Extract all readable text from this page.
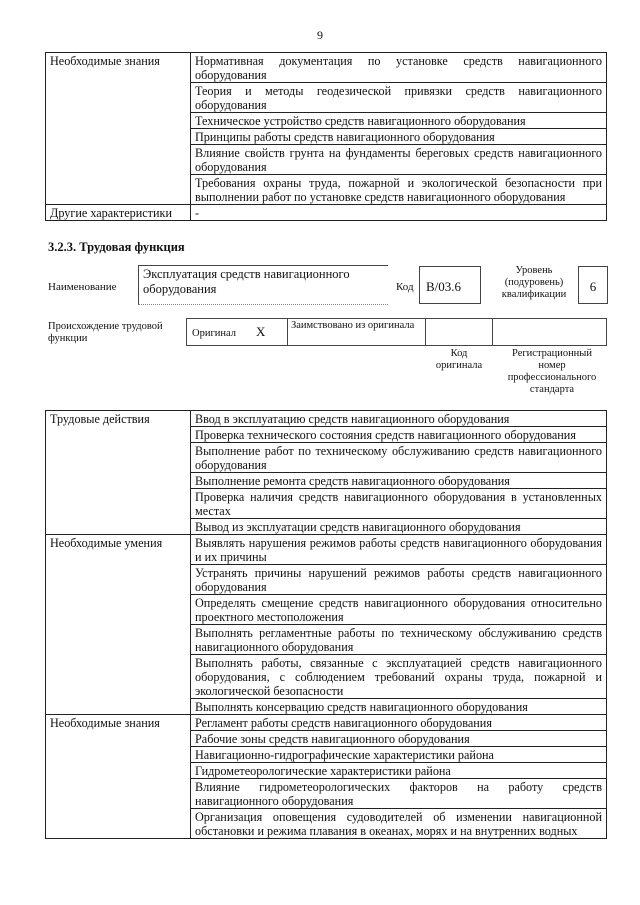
9
Необходимые знания	Нормативная документация по установке средств навигационного оборудования
	Теория и методы геодезической привязки средств навигационного оборудования
	Техническое устройство средств навигационного оборудования
	Принципы работы средств навигационного оборудования
	Влияние свойств грунта на фундаменты береговых средств навигационного оборудования
	Требования охраны труда, пожарной и экологической безопасности при выполнении работ по установке средств навигационного оборудования
Другие характеристики	-
3.2.3. Трудовая функция
Наименование
Эксплуатация средств навигационного оборудования	Код B/03.6
Уровень (подуровень) квалификации
6
Происхождение трудовой функции	Оригинал X Заимствовано из оригинала
Код оригинала
Регистрационный номер профессионального стандарта
Трудовые действия	Ввод в эксплуатацию средств навигационного оборудования
	Проверка технического состояния средств навигационного оборудования
	Выполнение работ по техническому обслуживанию средств навигационного оборудования
	Выполнение ремонта средств навигационного оборудования
	Проверка наличия средств навигационного оборудования в установленных местах
	Вывод из эксплуатации средств навигационного оборудования
Необходимые умения	Выявлять нарушения режимов работы средств навигационного оборудования и их причины
	Устранять причины нарушений режимов работы средств навигационного оборудования
	Определять смещение средств навигационного оборудования относительно проектного местоположения
	Выполнять регламентные работы по техническому обслуживанию средств навигационного оборудования
	Выполнять работы, связанные с эксплуатацией средств навигационного оборудования, с соблюдением требований охраны труда, пожарной и экологической безопасности
	Выполнять консервацию средств навигационного оборудования
Необходимые знания	Регламент работы средств навигационного оборудования
	Рабочие зоны средств навигационного оборудования
	Навигационно-гидрографические характеристики района
	Гидрометеорологические характеристики района
	Влияние гидрометеорологических факторов на работу средств навигационного оборудования
	Организация оповещения судоводителей об изменении навигационной обстановки и режима плавания в океанах, морях и на внутренних водных
